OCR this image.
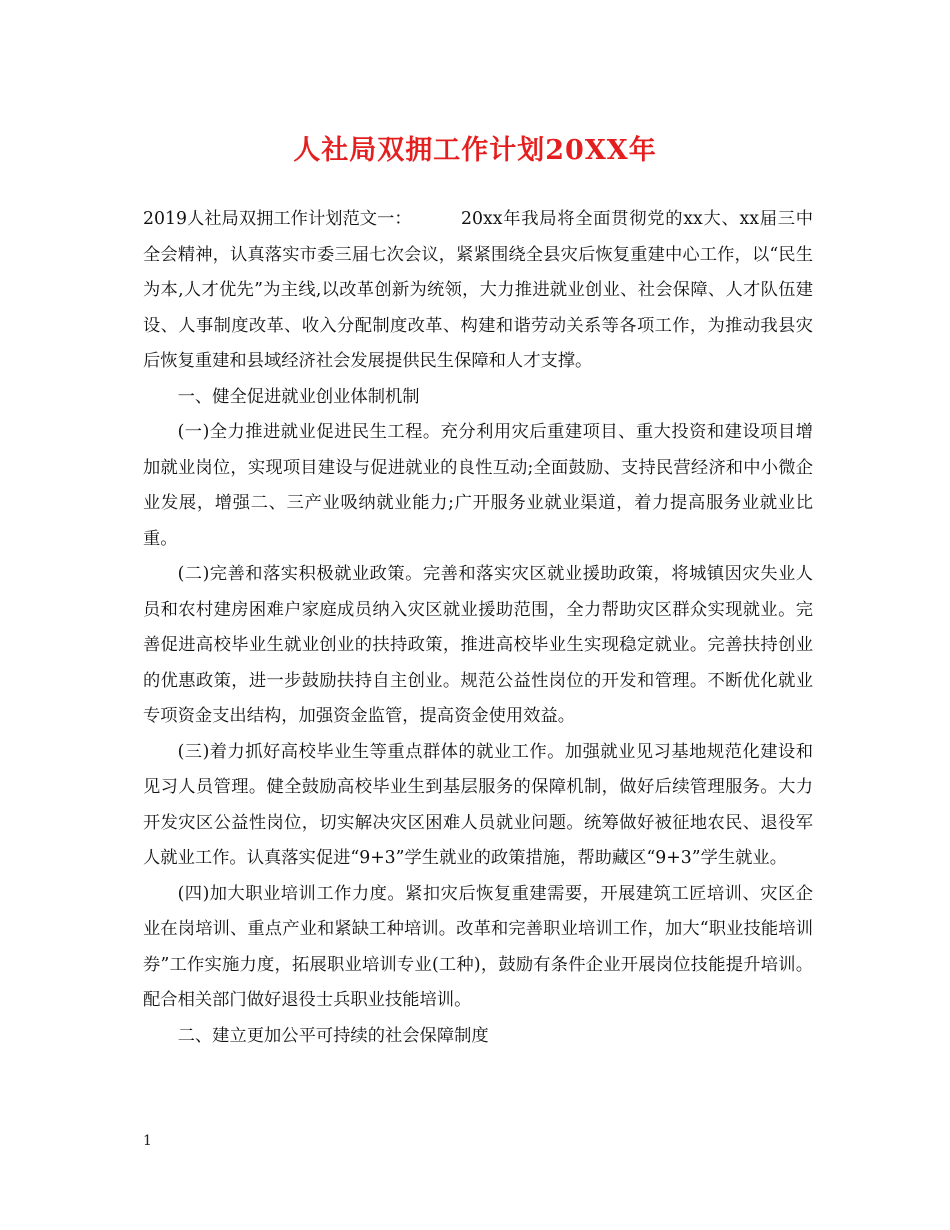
人社局双拥工作计划20XX年

2019人社局双拥工作计划范文一：	20xx年我局将全面贯彻党的xx大、xx届三中全会精神，认真落实市委三届七次会议，紧紧围绕全县灾后恢复重建中心工作，以“民生为本,人才优先”为主线,以改革创新为统领，大力推进就业创业、社会保障、人才队伍建设、人事制度改革、收入分配制度改革、构建和谐劳动关系等各项工作，为推动我县灾后恢复重建和县域经济社会发展提供民生保障和人才支撑。

一、健全促进就业创业体制机制

(一)全力推进就业促进民生工程。充分利用灾后重建项目、重大投资和建设项目增加就业岗位，实现项目建设与促进就业的良性互动;全面鼓励、支持民营经济和中小微企业发展，增强二、三产业吸纳就业能力;广开服务业就业渠道，着力提高服务业就业比重。

(二)完善和落实积极就业政策。完善和落实灾区就业援助政策，将城镇因灾失业人员和农村建房困难户家庭成员纳入灾区就业援助范围，全力帮助灾区群众实现就业。完善促进高校毕业生就业创业的扶持政策，推进高校毕业生实现稳定就业。完善扶持创业的优惠政策，进一步鼓励扶持自主创业。规范公益性岗位的开发和管理。不断优化就业专项资金支出结构，加强资金监管，提高资金使用效益。

(三)着力抓好高校毕业生等重点群体的就业工作。加强就业见习基地规范化建设和见习人员管理。健全鼓励高校毕业生到基层服务的保障机制，做好后续管理服务。大力开发灾区公益性岗位，切实解决灾区困难人员就业问题。统筹做好被征地农民、退役军人就业工作。认真落实促进“9+3”学生就业的政策措施，帮助藏区“9+3”学生就业。

(四)加大职业培训工作力度。紧扣灾后恢复重建需要，开展建筑工匠培训、灾区企业在岗培训、重点产业和紧缺工种培训。改革和完善职业培训工作，加大“职业技能培训券”工作实施力度，拓展职业培训专业(工种)，鼓励有条件企业开展岗位技能提升培训。配合相关部门做好退役士兵职业技能培训。

二、建立更加公平可持续的社会保障制度

1
